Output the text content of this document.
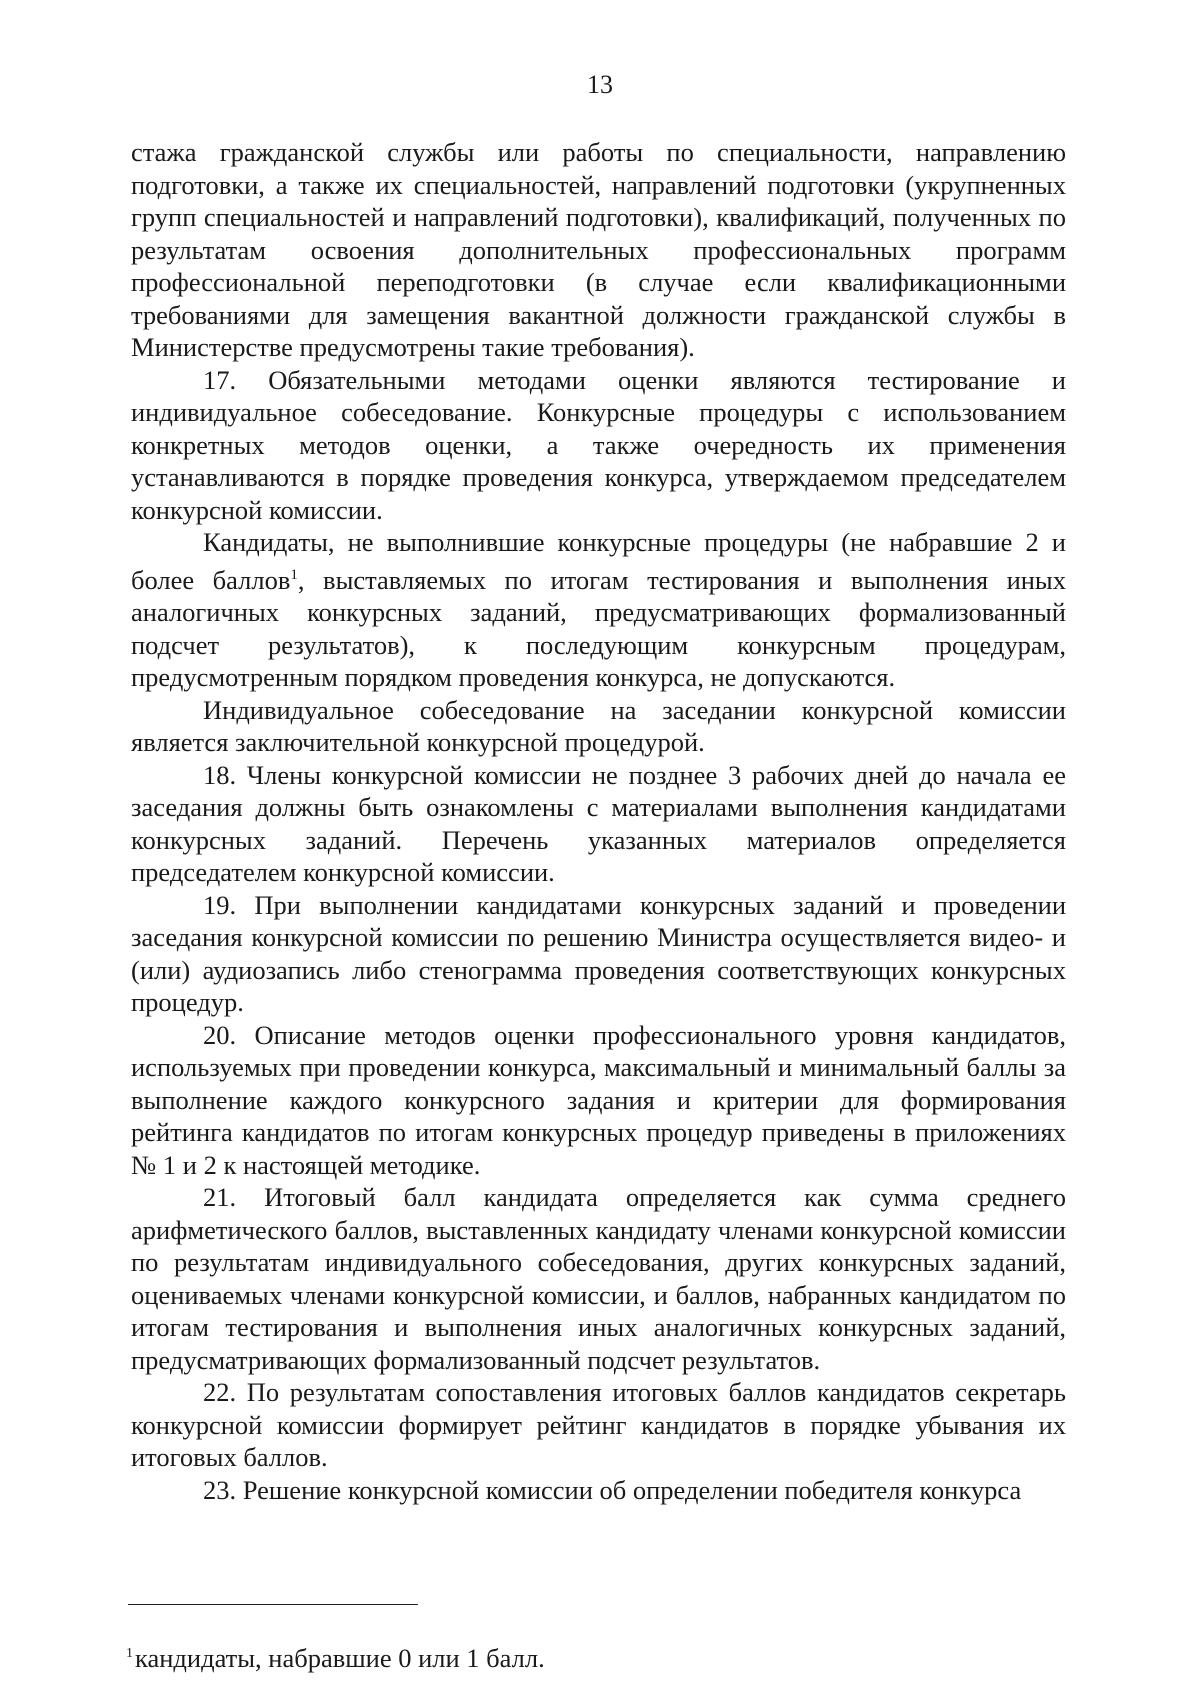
13

стажа гражданской службы или работы по специальности, направлению подготовки, а также их специальностей, направлений подготовки (укрупненных групп специальностей и направлений подготовки), квалификаций, полученных по результатам освоения дополнительных профессиональных программ профессиональной переподготовки (в случае если квалификационными требованиями для замещения вакантной должности гражданской службы в Министерстве предусмотрены такие требования).

17. Обязательными методами оценки являются тестирование и индивидуальное собеседование. Конкурсные процедуры с использованием конкретных методов оценки, а также очередность их применения устанавливаются в порядке проведения конкурса, утверждаемом председателем конкурсной комиссии.

Кандидаты, не выполнившие конкурсные процедуры (не набравшие 2 и более баллов$^1$, выставляемых по итогам тестирования и выполнения иных аналогичных конкурсных заданий, предусматривающих формализованный подсчет результатов), к последующим конкурсным процедурам, предусмотренным порядком проведения конкурса, не допускаются.

Индивидуальное собеседование на заседании конкурсной комиссии является заключительной конкурсной процедурой.

18. Члены конкурсной комиссии не позднее 3 рабочих дней до начала ее заседания должны быть ознакомлены с материалами выполнения кандидатами конкурсных заданий. Перечень указанных материалов определяется председателем конкурсной комиссии.

19. При выполнении кандидатами конкурсных заданий и проведении заседания конкурсной комиссии по решению Министра осуществляется видео- и (или) аудиозапись либо стенограмма проведения соответствующих конкурсных процедур.

20. Описание методов оценки профессионального уровня кандидатов, используемых при проведении конкурса, максимальный и минимальный баллы за выполнение каждого конкурсного задания и критерии для формирования рейтинга кандидатов по итогам конкурсных процедур приведены в приложениях № 1 и 2 к настоящей методике.

21. Итоговый балл кандидата определяется как сумма среднего арифметического баллов, выставленных кандидату членами конкурсной комиссии по результатам индивидуального собеседования, других конкурсных заданий, оцениваемых членами конкурсной комиссии, и баллов, набранных кандидатом по итогам тестирования и выполнения иных аналогичных конкурсных заданий, предусматривающих формализованный подсчет результатов.

22. По результатам сопоставления итоговых баллов кандидатов секретарь конкурсной комиссии формирует рейтинг кандидатов в порядке убывания их итоговых баллов.

23. Решение конкурсной комиссии об определении победителя конкурса

$^1$кандидаты, набравшие 0 или 1 балл.
